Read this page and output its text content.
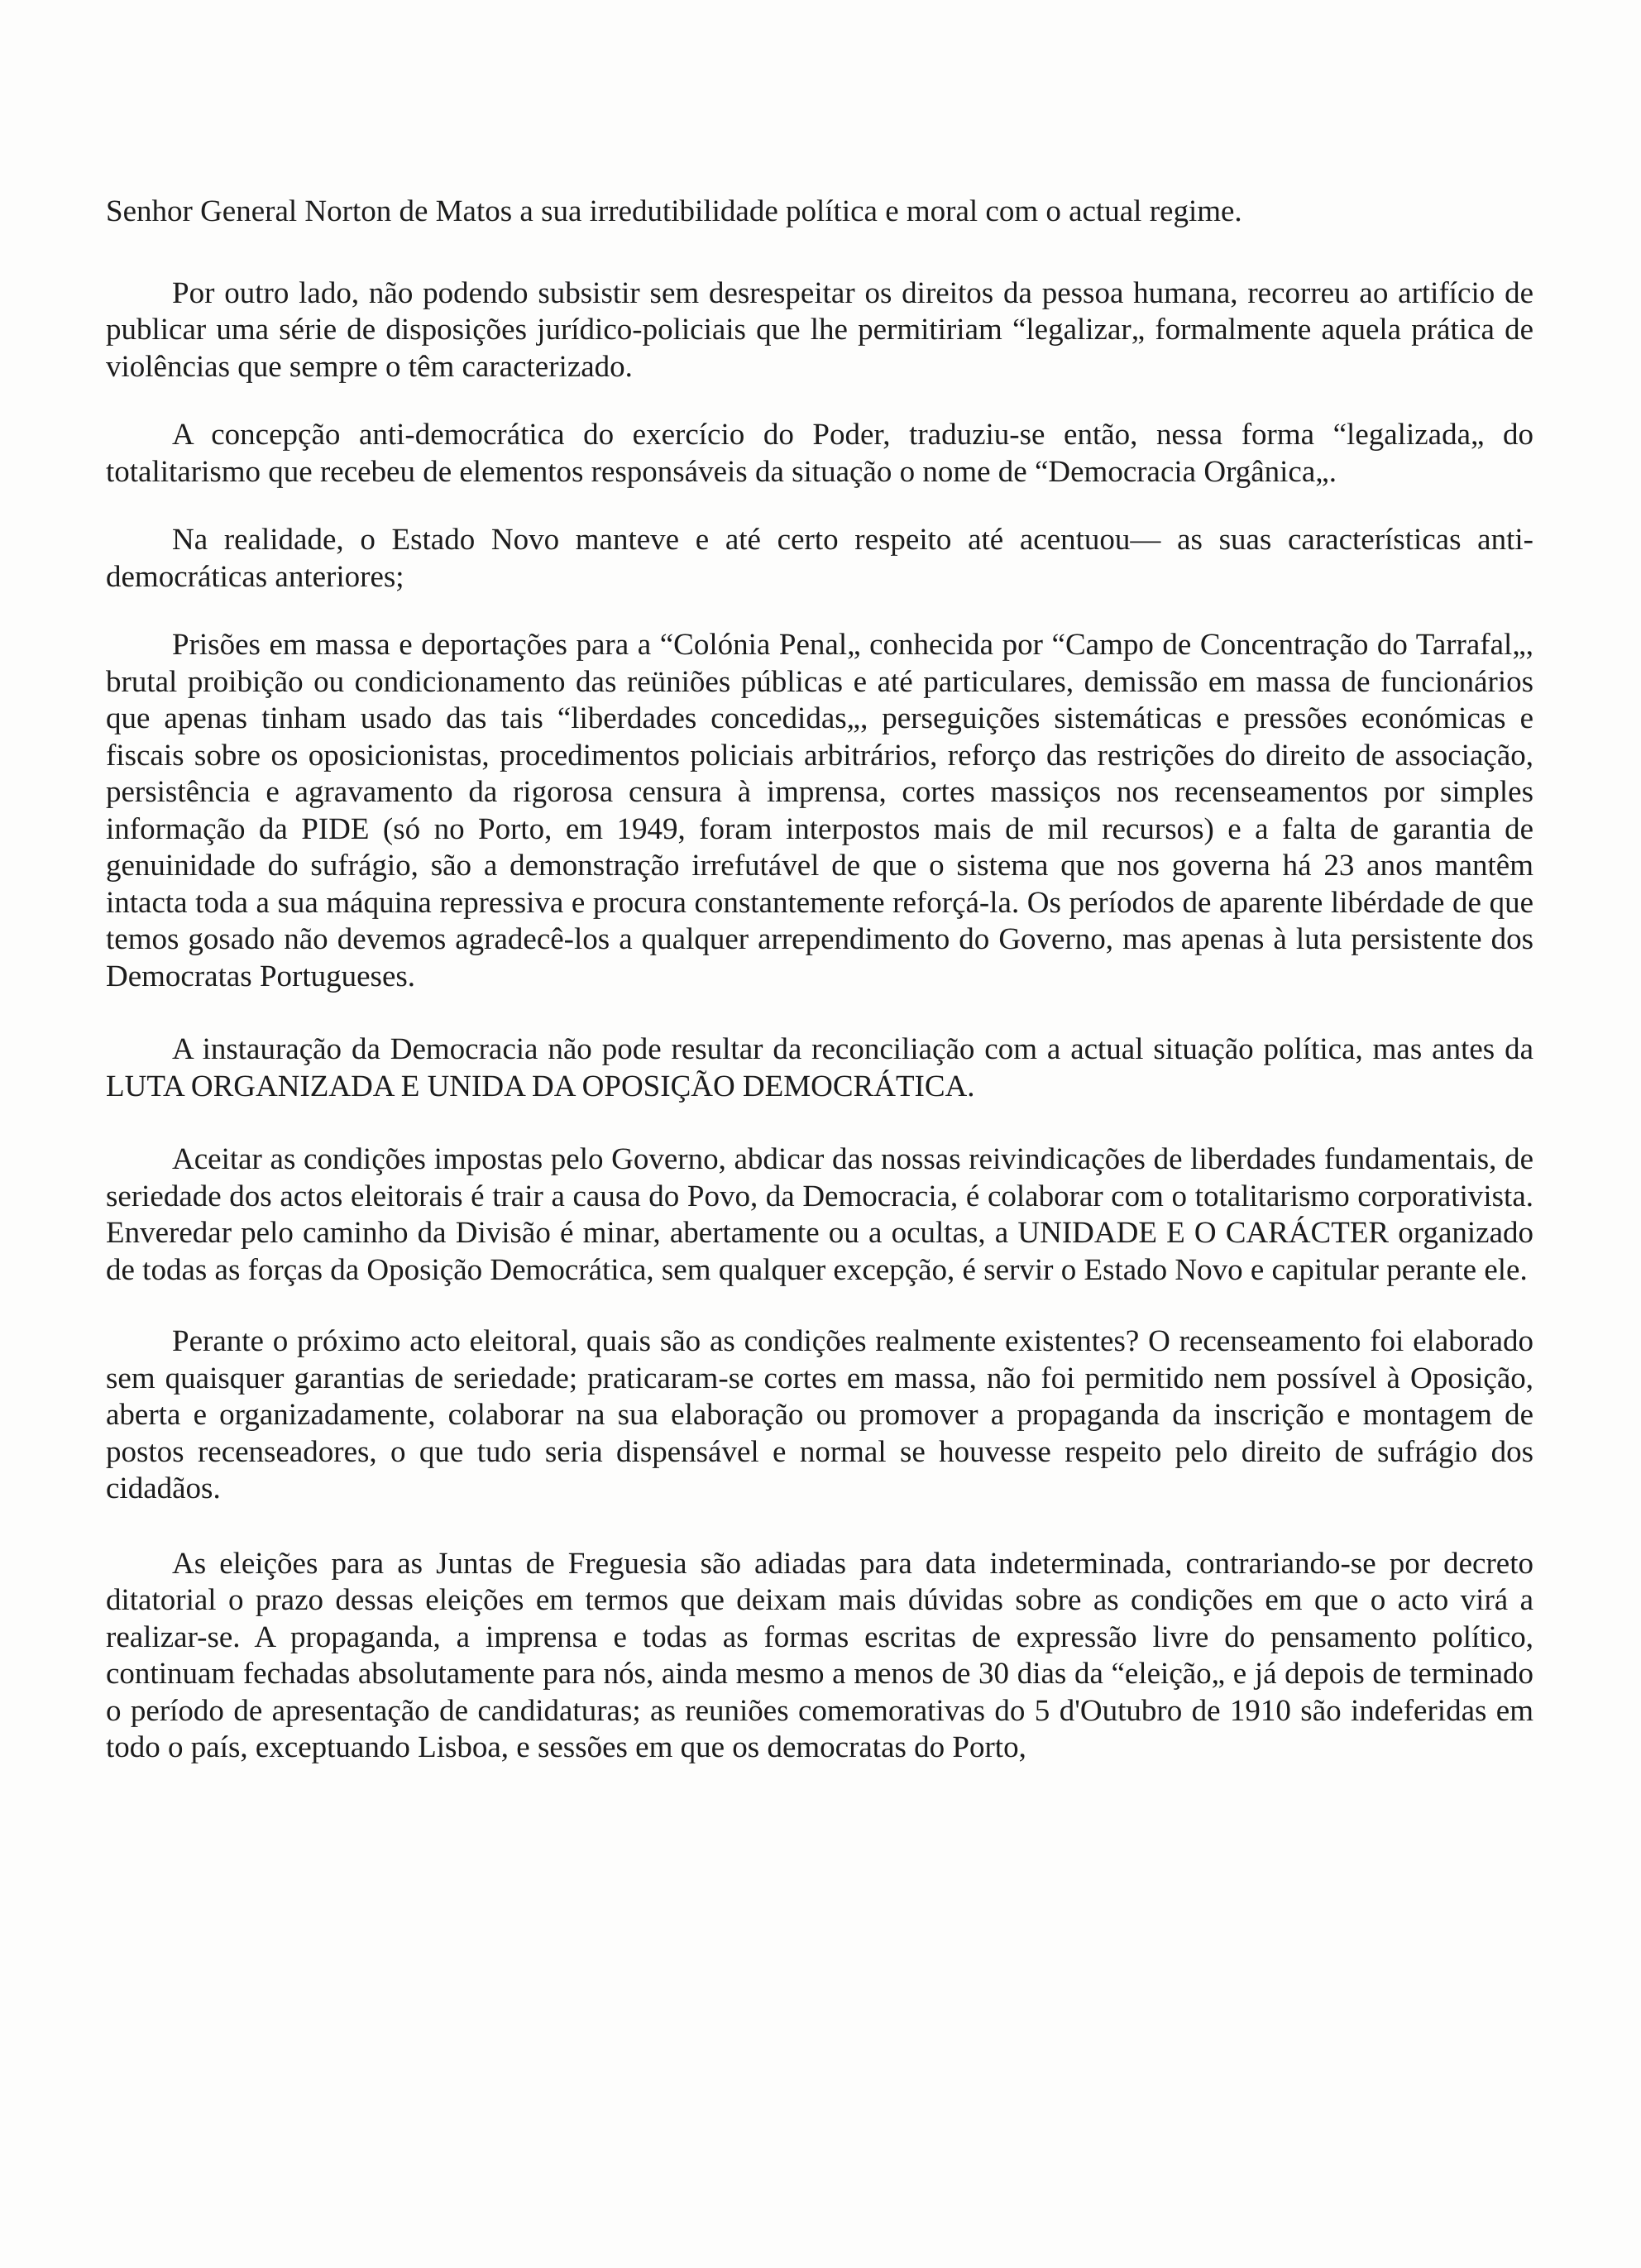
Senhor General Norton de Matos a sua irredutibilidade política e moral com o actual regime.

Por outro lado, não podendo subsistir sem desrespeitar os direitos da pessoa humana, recorreu ao artifício de publicar uma série de disposições jurídico-policiais que lhe permitiriam “legalizar„ formalmente aquela prática de violências que sempre o têm caracterizado.

A concepção anti-democrática do exercício do Poder, traduziu-se então, nessa forma “legalizada„ do totalitarismo que recebeu de elementos responsáveis da situação o nome de “Democracia Orgânica„.

Na realidade, o Estado Novo manteve e até certo respeito até acentuou— as suas características anti-democráticas anteriores;

Prisões em massa e deportações para a “Colónia Penal„ conhecida por “Campo de Concentração do Tarrafal„, brutal proibição ou condicionamento das reüniões públicas e até particulares, demissão em massa de funcionários que apenas tinham usado das tais “liberdades concedidas„, perseguições sistemáticas e pressões económicas e fiscais sobre os oposicionistas, procedimentos policiais arbitrários, reforço das restrições do direito de associação, persistência e agravamento da rigorosa censura à imprensa, cortes massiços nos recenseamentos por simples informação da PIDE (só no Porto, em 1949, foram interpostos mais de mil recursos) e a falta de garantia de genuinidade do sufrágio, são a demonstração irrefutável de que o sistema que nos governa há 23 anos mantêm intacta toda a sua máquina repressiva e procura constantemente reforçá-la. Os períodos de aparente libérdade de que temos gosado não devemos agradecê-los a qualquer arrependimento do Governo, mas apenas à luta persistente dos Democratas Portugueses.

A instauração da Democracia não pode resultar da reconciliação com a actual situação política, mas antes da LUTA ORGANIZADA E UNIDA DA OPOSIÇÃO DEMOCRÁTICA.

Aceitar as condições impostas pelo Governo, abdicar das nossas reivindicações de liberdades fundamentais, de seriedade dos actos eleitorais é trair a causa do Povo, da Democracia, é colaborar com o totalitarismo corporativista. Enveredar pelo caminho da Divisão é minar, abertamente ou a ocultas, a UNIDADE E O CARÁCTER organizado de todas as forças da Oposição Democrática, sem qualquer excepção, é servir o Estado Novo e capitular perante ele.

Perante o próximo acto eleitoral, quais são as condições realmente existentes? O recenseamento foi elaborado sem quaisquer garantias de seriedade; praticaram-se cortes em massa, não foi permitido nem possível à Oposição, aberta e organizadamente, colaborar na sua elaboração ou promover a propaganda da inscrição e montagem de postos recenseadores, o que tudo seria dispensável e normal se houvesse respeito pelo direito de sufrágio dos cidadãos.

As eleições para as Juntas de Freguesia são adiadas para data indeterminada, contrariando-se por decreto ditatorial o prazo dessas eleições em termos que deixam mais dúvidas sobre as condições em que o acto virá a realizar-se. A propaganda, a imprensa e todas as formas escritas de expressão livre do pensamento político, continuam fechadas absolutamente para nós, ainda mesmo a menos de 30 dias da “eleição„ e já depois de terminado o período de apresentação de candidaturas; as reuniões comemorativas do 5 d'Outubro de 1910 são indeferidas em todo o país, exceptuando Lisboa, e sessões em que os democratas do Porto,
